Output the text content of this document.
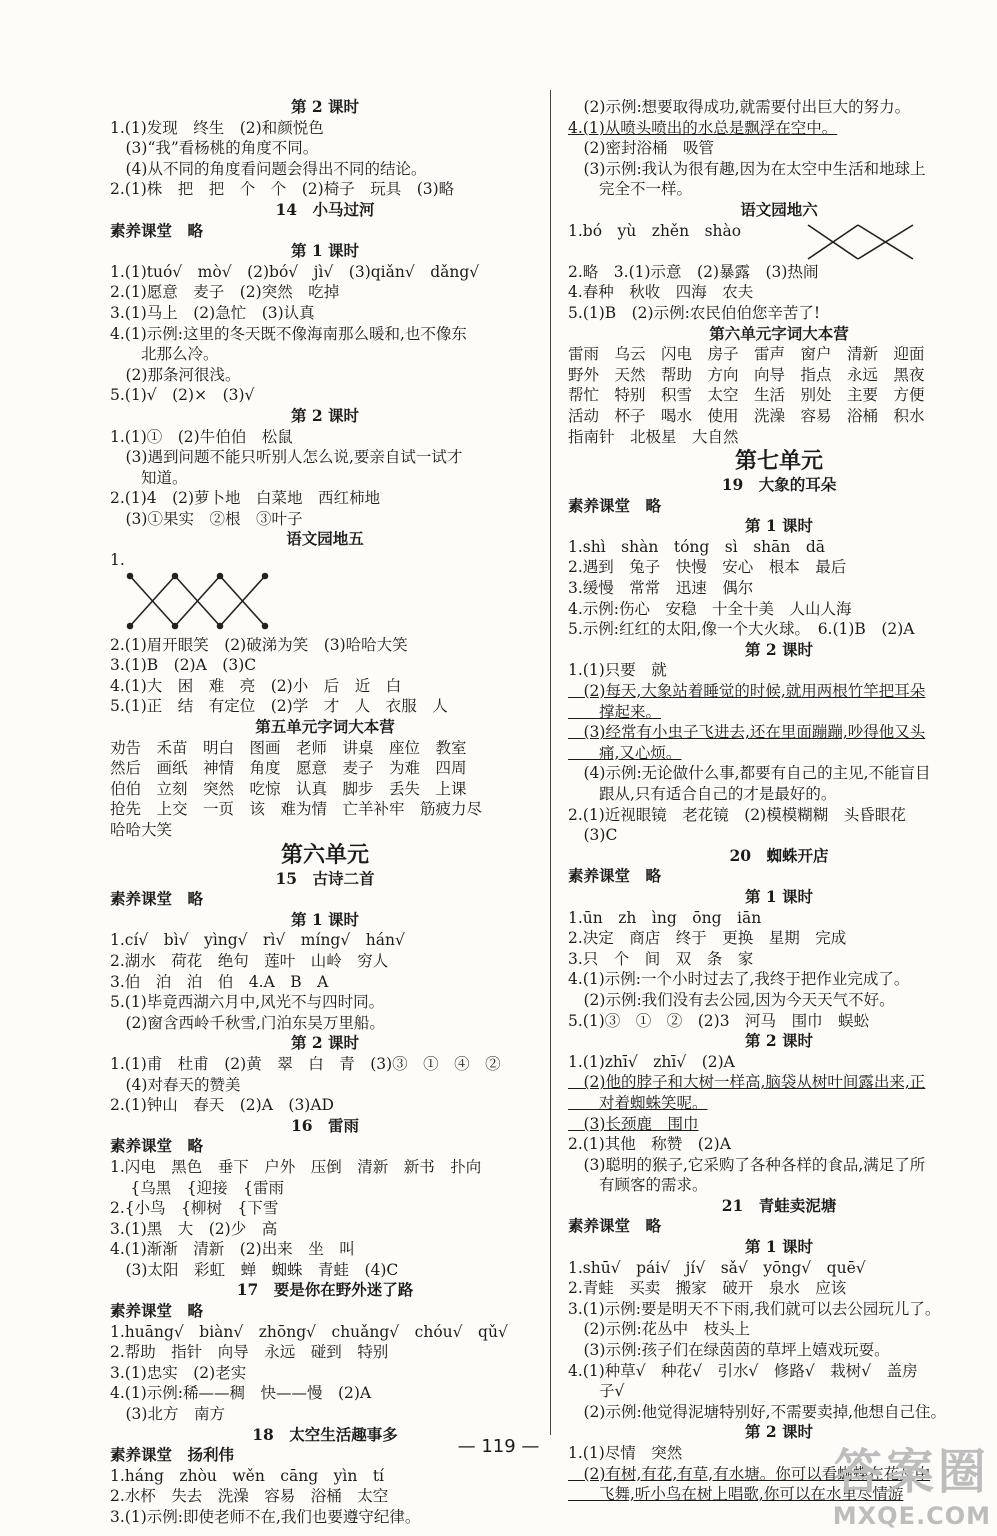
第 2 课时
1.(1)发现　终生　(2)和颜悦色
　(3)“我”看杨桃的角度不同。
　(4)从不同的角度看问题会得出不同的结论。
2.(1)株　把　把　个　个　(2)椅子　玩具　(3)略
14　小马过河
素养课堂　略
第 1 课时
1.(1)tuó√　mò√　(2)bó√　jì√　(3)qiǎn√　dǎng√
2.(1)愿意　麦子　(2)突然　吃掉
3.(1)马上　(2)急忙　(3)认真
4.(1)示例:这里的冬天既不像海南那么暖和,也不像东
　　北那么冷。
　(2)那条河很浅。
5.(1)√　(2)×　(3)√
第 2 课时
1.(1)①　(2)牛伯伯　松鼠
　(3)遇到问题不能只听别人怎么说,要亲自试一试才
　　知道。
2.(1)4　(2)萝卜地　白菜地　西红柿地
　(3)①果实　②根　③叶子
语文园地五
1.
2.(1)眉开眼笑　(2)破涕为笑　(3)哈哈大笑
3.(1)B　(2)A　(3)C
4.(1)大　困　难　亮　(2)小　后　近　白
5.(1)正　结　有定位　(2)学　才　人　衣服　人
第五单元字词大本营
劝告　禾苗　明白　图画　老师　讲桌　座位　教室
然后　画纸　神情　角度　愿意　麦子　为难　四周
伯伯　立刻　突然　吃惊　认真　脚步　丢失　上课
抢先　上交　一页　该　难为情　亡羊补牢　筋疲力尽
哈哈大笑
第六单元
15　古诗二首
素养课堂　略
第 1 课时
1.cí√　bì√　yìng√　rì√　míng√　hán√
2.湖水　荷花　绝句　莲叶　山岭　穷人
3.伯　泊　泊　伯　4.A　B　A
5.(1)毕竟西湖六月中,风光不与四时同。
　(2)窗含西岭千秋雪,门泊东吴万里船。
第 2 课时
1.(1)甫　杜甫　(2)黄　翠　白　青　(3)③　①　④　②
　(4)对春天的赞美
2.(1)钟山　春天　(2)A　(3)AD
16　雷雨
素养课堂　略
1.闪电　黑色　垂下　户外　压倒　清新　新书　扑向
　 {乌黑　{迎接　{雷雨
2.{小鸟　{柳树　{下雪
3.(1)黑　大　(2)少　高
4.(1)渐渐　清新　(2)出来　坐　叫
　(3)太阳　彩虹　蝉　蜘蛛　青蛙　(4)C
17　要是你在野外迷了路
素养课堂　略
1.huāng√　biàn√　zhōng√　chuǎng√　chóu√　qǔ√
2.帮助　指针　向导　永远　碰到　特别
3.(1)忠实　(2)老实
4.(1)示例:稀——稠　快——慢　(2)A
　(3)北方　南方
18　太空生活趣事多
素养课堂　扬利伟
1.háng　zhòu　wěn　cāng　yìn　tí
2.水杯　失去　洗澡　容易　浴桶　太空
3.(1)示例:即使老师不在,我们也要遵守纪律。
　(2)示例:想要取得成功,就需要付出巨大的努力。
4.(1)从喷头喷出的水总是飘浮在空中。
　(2)密封浴桶　吸管
　(3)示例:我认为很有趣,因为在太空中生活和地球上
　　完全不一样。
语文园地六
1.bó　yù　zhěn　shào
2.略　3.(1)示意　(2)暴露　(3)热闹
4.春种　秋收　四海　农夫
5.(1)B　(2)示例:农民伯伯您辛苦了!
第六单元字词大本营
雷雨　乌云　闪电　房子　雷声　窗户　清新　迎面
野外　天然　帮助　方向　向导　指点　永远　黑夜
帮忙　特别　积雪　太空　生活　别处　主要　方便
活动　杯子　喝水　使用　洗澡　容易　浴桶　积水
指南针　北极星　大自然
第七单元
19　大象的耳朵
素养课堂　略
第 1 课时
1.shì　shàn　tóng　sì　shān　dā
2.遇到　兔子　快慢　安心　根本　最后
3.缓慢　常常　迅速　偶尔
4.示例:伤心　安稳　十全十美　人山人海
5.示例:红红的太阳,像一个大火球。　6.(1)B　(2)A
第 2 课时
1.(1)只要　就
　(2)每天,大象站着睡觉的时候,就用两根竹竿把耳朵
　　撑起来。
　(3)经常有小虫子飞进去,还在里面蹦蹦,吵得他又头
　　痛,又心烦。
　(4)示例:无论做什么事,都要有自己的主见,不能盲目
　　跟从,只有适合自己的才是最好的。
2.(1)近视眼镜　老花镜　(2)模模糊糊　头昏眼花
　(3)C
20　蜘蛛开店
素养课堂　略
第 1 课时
1.ūn　zh　ìng　ōng　iān
2.决定　商店　终于　更换　星期　完成
3.只　个　间　双　条　家
4.(1)示例:一个小时过去了,我终于把作业完成了。
　(2)示例:我们没有去公园,因为今天天气不好。
5.(1)③　①　②　(2)3　河马　围巾　蜈蚣
第 2 课时
1.(1)zhī√　zhī√　(2)A
　(2)他的脖子和大树一样高,脑袋从树叶间露出来,正
　　对着蜘蛛笑呢。
　(3)长颈鹿　围巾
2.(1)其他　称赞　(2)A
　(3)聪明的猴子,它采购了各种各样的食品,满足了所
　　有顾客的需求。
21　青蛙卖泥塘
素养课堂　略
第 1 课时
1.shū√　pái√　jí√　sǎ√　yōng√　quē√
2.青蛙　买卖　搬家　破开　泉水　应该
3.(1)示例:要是明天不下雨,我们就可以去公园玩儿了。
　(2)示例:花丛中　枝头上
　(3)示例:孩子们在绿茵茵的草坪上嬉戏玩耍。
4.(1)种草√　种花√　引水√　修路√　栽树√　盖房
　　子√
　(2)示例:他觉得泥塘特别好,不需要卖掉,他想自己住。
第 2 课时
1.(1)尽情　突然
　(2)有树,有花,有草,有水塘。你可以看蝴蝶在花丛中
　　飞舞,听小鸟在树上唱歌,你可以在水里尽情游
— 119 —	答案圈
MXQE.COM
